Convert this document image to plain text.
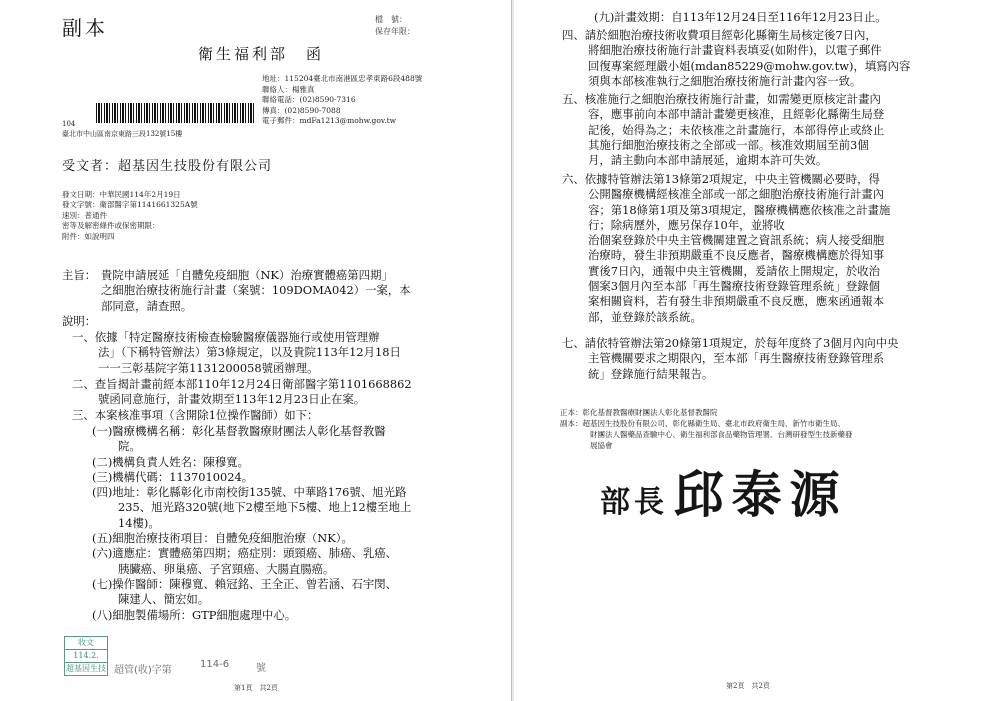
副本	檔　號：
保存年限：
衛生福利部　函
地址：115204臺北市南港區忠孝東路6段488號
聯絡人：楊雅真
聯絡電話：(02)8590-7316
傳真：(02)8590-7088
電子郵件：mdFa1213@mohw.gov.tw
104
臺北市中山區南京東路三段132號15樓
受文者：超基因生技股份有限公司
發文日期：中華民國114年2月19日
發文字號：衛部醫字第1141661325A號
速別：普通件
密等及解密條件或保密期限：
附件：如說明四
主旨： 貴院申請展延「自體免疫細胞（NK）治療實體癌第四期」
之細胞治療技術施行計畫（案號：109DOMA042）一案，本
部同意，請查照。
說明：
一、依據「特定醫療技術檢查檢驗醫療儀器施行或使用管理辦
法」（下稱特管辦法）第3條規定，以及貴院113年12月18日
一一三彰基院字第1131200058號函辦理。
二、查旨揭計畫前經本部110年12月24日衛部醫字第1101668862
號函同意施行，計畫效期至113年12月23日止在案。
三、本案核准事項（含開除1位操作醫師）如下：
(一)醫療機構名稱：彰化基督教醫療財團法人彰化基督教醫
院。
(二)機構負責人姓名：陳穆寬。
(三)機構代碼：1137010024。
(四)地址：彰化縣彰化市南校街135號、中華路176號、旭光路
235、旭光路320號(地下2樓至地下5樓、地上12樓至地上
14樓)。
(五)細胞治療技術項目：自體免疫細胞治療（NK）。
(六)適應症：實體癌第四期；癌症別：頭頸癌、肺癌、乳癌、
胰臟癌、卵巢癌、子宮頸癌、大腸直腸癌。
(七)操作醫師：陳穆寬、賴冠銘、王全正、曾若涵、石宇閔、
陳建人、簡宏如。
(八)細胞製備場所：GTP細胞處理中心。
收文
114.2.
超基因生技 超管(收)字第
114-6	號
第1頁　共2頁
(九)計畫效期：自113年12月24日至116年12月23日止。
四、請於細胞治療技術收費項目經彰化縣衛生局核定後7日內，
將細胞治療技術施行計畫資料表填妥(如附件)，以電子郵件
回復專案經理嚴小姐(mdan85229@mohw.gov.tw)，填寫內容
須與本部核准執行之細胞治療技術施行計畫內容一致。
五、核准施行之細胞治療技術施行計畫，如需變更原核定計畫內
容，應事前向本部申請計畫變更核准，且經彰化縣衛生局登
記後，始得為之；未依核准之計畫施行，本部得停止或終止
其施行細胞治療技術之全部或一部。核准效期屆至前3個
月，請主動向本部申請展延，逾期本許可失效。
六、依據特管辦法第13條第2項規定，中央主管機關必要時，得
公開醫療機構經核准全部或一部之細胞治療技術施行計畫內
容；第18條第1項及第3項規定，醫療機構應依核准之計畫施
行；除病歷外，應另保存10年，並將收
治個案登錄於中央主管機關建置之資訊系統；病人接受細胞
治療時，發生非預期嚴重不良反應者，醫療機構應於得知事
實後7日內，通報中央主管機關，爰請依上開規定，於收治
個案3個月內至本部「再生醫療技術登錄管理系統」登錄個
案相關資料，若有發生非預期嚴重不良反應，應來函通報本
部，並登錄於該系統。
七、請依特管辦法第20條第1項規定，於每年度終了3個月內向中央
主管機關要求之期限內，至本部「再生醫療技術登錄管理系
統」登錄施行結果報告。
正本：彰化基督教醫療財團法人彰化基督教醫院
副本：超基因生技股份有限公司、彰化縣衛生局、臺北市政府衛生局、新竹市衛生局、
財團法人醫藥品查驗中心、衛生福利部食品藥物管理署、台灣研發型生技新藥發
展協會
部長 邱泰源
第2頁　共2頁
